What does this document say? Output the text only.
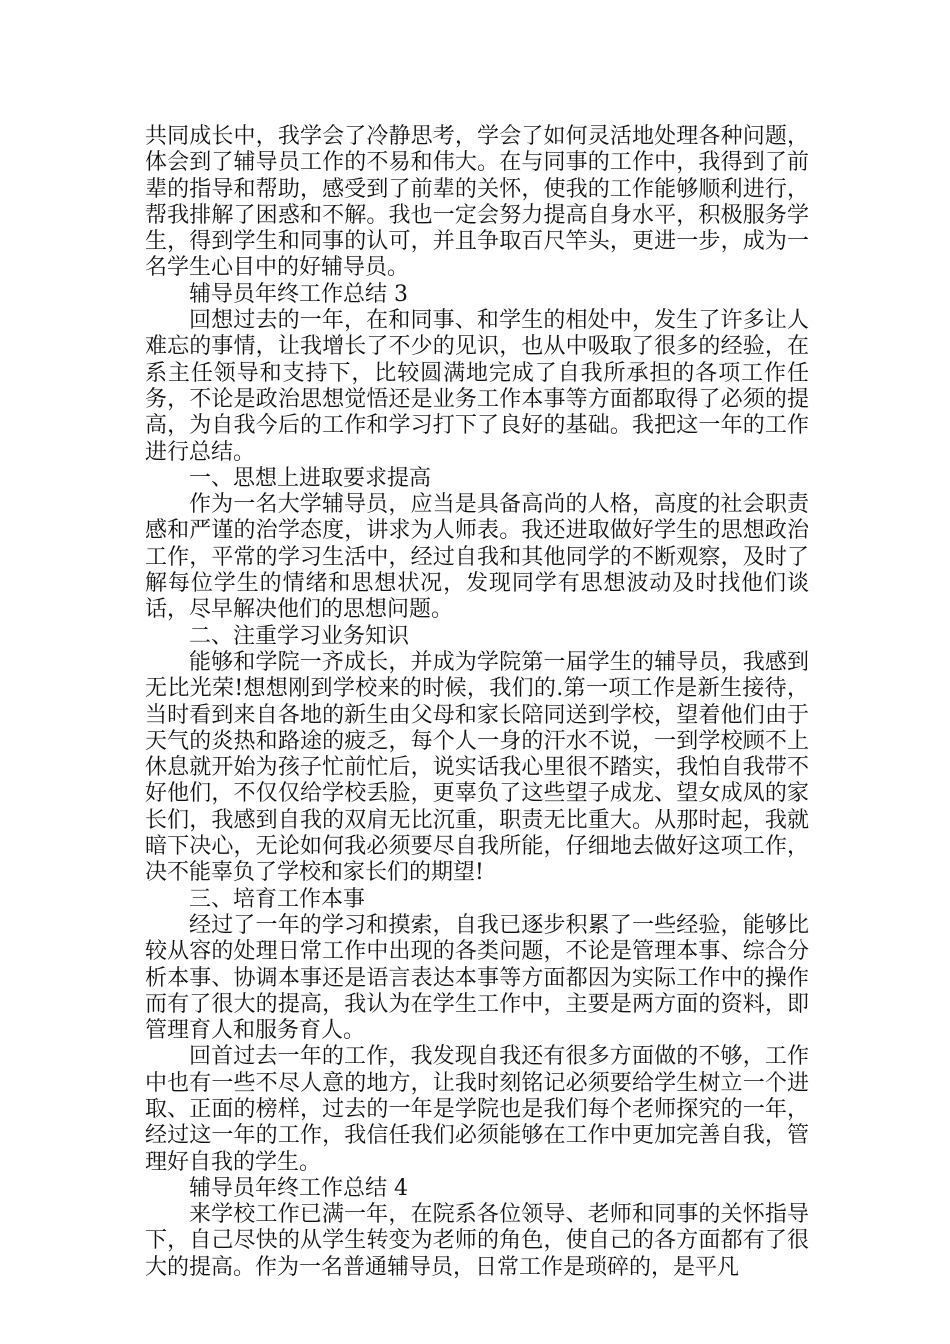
共同成长中，我学会了冷静思考，学会了如何灵活地处理各种问题，体会到了辅导员工作的不易和伟大。在与同事的工作中，我得到了前辈的指导和帮助，感受到了前辈的关怀，使我的工作能够顺利进行，帮我排解了困惑和不解。我也一定会努力提高自身水平，积极服务学生，得到学生和同事的认可，并且争取百尺竿头，更进一步，成为一名学生心目中的好辅导员。

辅导员年终工作总结 3

回想过去的一年，在和同事、和学生的相处中，发生了许多让人难忘的事情，让我增长了不少的见识，也从中吸取了很多的经验，在系主任领导和支持下，比较圆满地完成了自我所承担的各项工作任务，不论是政治思想觉悟还是业务工作本事等方面都取得了必须的提高，为自我今后的工作和学习打下了良好的基础。我把这一年的工作进行总结。

一、思想上进取要求提高

作为一名大学辅导员，应当是具备高尚的人格，高度的社会职责感和严谨的治学态度，讲求为人师表。我还进取做好学生的思想政治工作，平常的学习生活中，经过自我和其他同学的不断观察，及时了解每位学生的情绪和思想状况，发现同学有思想波动及时找他们谈话，尽早解决他们的思想问题。

二、注重学习业务知识

能够和学院一齐成长，并成为学院第一届学生的辅导员，我感到无比光荣!想想刚到学校来的时候，我们的.第一项工作是新生接待，当时看到来自各地的新生由父母和家长陪同送到学校，望着他们由于天气的炎热和路途的疲乏，每个人一身的汗水不说，一到学校顾不上休息就开始为孩子忙前忙后，说实话我心里很不踏实，我怕自我带不好他们，不仅仅给学校丢脸，更辜负了这些望子成龙、望女成凤的家长们，我感到自我的双肩无比沉重，职责无比重大。从那时起，我就暗下决心，无论如何我必须要尽自我所能，仔细地去做好这项工作，决不能辜负了学校和家长们的期望!

三、培育工作本事

经过了一年的学习和摸索，自我已逐步积累了一些经验，能够比较从容的处理日常工作中出现的各类问题，不论是管理本事、综合分析本事、协调本事还是语言表达本事等方面都因为实际工作中的操作而有了很大的提高，我认为在学生工作中，主要是两方面的资料，即管理育人和服务育人。

回首过去一年的工作，我发现自我还有很多方面做的不够，工作中也有一些不尽人意的地方，让我时刻铭记必须要给学生树立一个进取、正面的榜样，过去的一年是学院也是我们每个老师探究的一年，经过这一年的工作，我信任我们必须能够在工作中更加完善自我，管理好自我的学生。

辅导员年终工作总结 4

来学校工作已满一年，在院系各位领导、老师和同事的关怀指导下，自己尽快的从学生转变为老师的角色，使自己的各方面都有了很大的提高。作为一名普通辅导员，日常工作是琐碎的，是平凡
